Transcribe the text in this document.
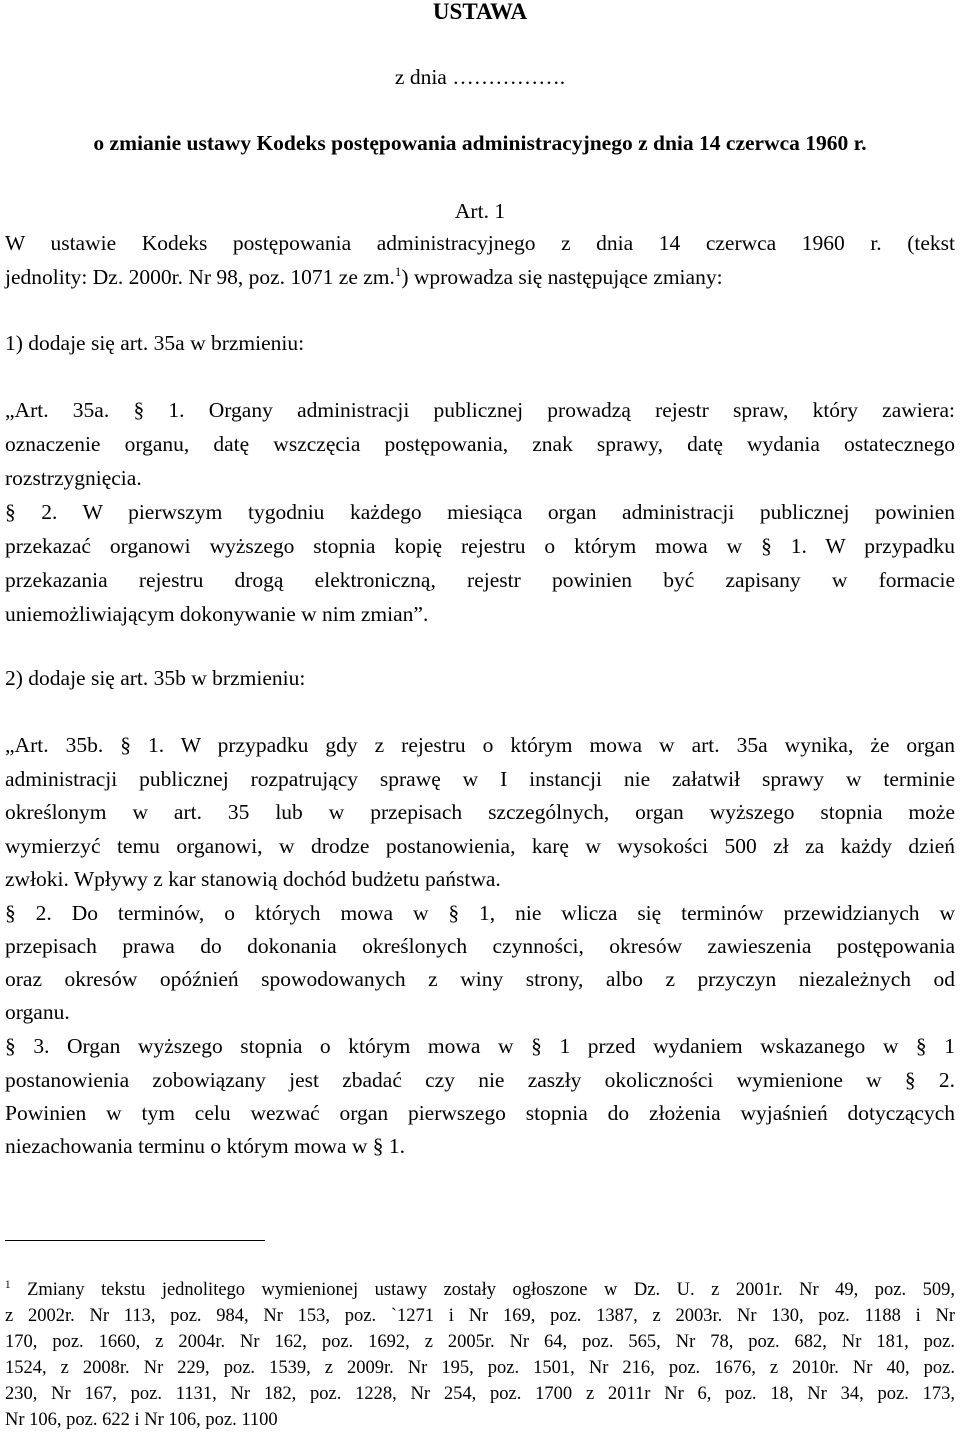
USTAWA
z dnia …………….
o zmianie ustawy Kodeks postępowania administracyjnego z dnia 14 czerwca 1960 r.
Art. 1
W ustawie Kodeks postępowania administracyjnego z dnia 14 czerwca 1960 r. (tekst
jednolity: Dz. 2000r. Nr 98, poz. 1071 ze zm.$^1$) wprowadza się następujące zmiany:
1) dodaje się art. 35a w brzmieniu:
„Art. 35a. § 1. Organy administracji publicznej prowadzą rejestr spraw, który zawiera:
oznaczenie organu, datę wszczęcia postępowania, znak sprawy, datę wydania ostatecznego
rozstrzygnięcia.
§ 2. W pierwszym tygodniu każdego miesiąca organ administracji publicznej powinien
przekazać organowi wyższego stopnia kopię rejestru o którym mowa w § 1. W przypadku
przekazania rejestru drogą elektroniczną, rejestr powinien być zapisany w formacie
uniemożliwiającym dokonywanie w nim zmian”.
2) dodaje się art. 35b w brzmieniu:
„Art. 35b. § 1. W przypadku gdy z rejestru o którym mowa w art. 35a wynika, że organ
administracji publicznej rozpatrujący sprawę w I instancji nie załatwił sprawy w terminie
określonym w art. 35 lub w przepisach szczególnych, organ wyższego stopnia może
wymierzyć temu organowi, w drodze postanowienia, karę w wysokości 500 zł za każdy dzień
zwłoki. Wpływy z kar stanowią dochód budżetu państwa.
§ 2. Do terminów, o których mowa w § 1, nie wlicza się terminów przewidzianych w
przepisach prawa do dokonania określonych czynności, okresów zawieszenia postępowania
oraz okresów opóźnień spowodowanych z winy strony, albo z przyczyn niezależnych od
organu.
§ 3. Organ wyższego stopnia o którym mowa w § 1 przed wydaniem wskazanego w § 1
postanowienia zobowiązany jest zbadać czy nie zaszły okoliczności wymienione w § 2.
Powinien w tym celu wezwać organ pierwszego stopnia do złożenia wyjaśnień dotyczących
niezachowania terminu o którym mowa w § 1.
$^1$ Zmiany tekstu jednolitego wymienionej ustawy zostały ogłoszone w Dz. U. z 2001r. Nr 49, poz. 509,
z 2002r. Nr 113, poz. 984, Nr 153, poz. `1271 i Nr 169, poz. 1387, z 2003r. Nr 130, poz. 1188 i Nr
170, poz. 1660, z 2004r. Nr 162, poz. 1692, z 2005r. Nr 64, poz. 565, Nr 78, poz. 682, Nr 181, poz.
1524, z 2008r. Nr 229, poz. 1539, z 2009r. Nr 195, poz. 1501, Nr 216, poz. 1676, z 2010r. Nr 40, poz.
230, Nr 167, poz. 1131, Nr 182, poz. 1228, Nr 254, poz. 1700 z 2011r Nr 6, poz. 18, Nr 34, poz. 173,
Nr 106, poz. 622 i Nr 106, poz. 1100
